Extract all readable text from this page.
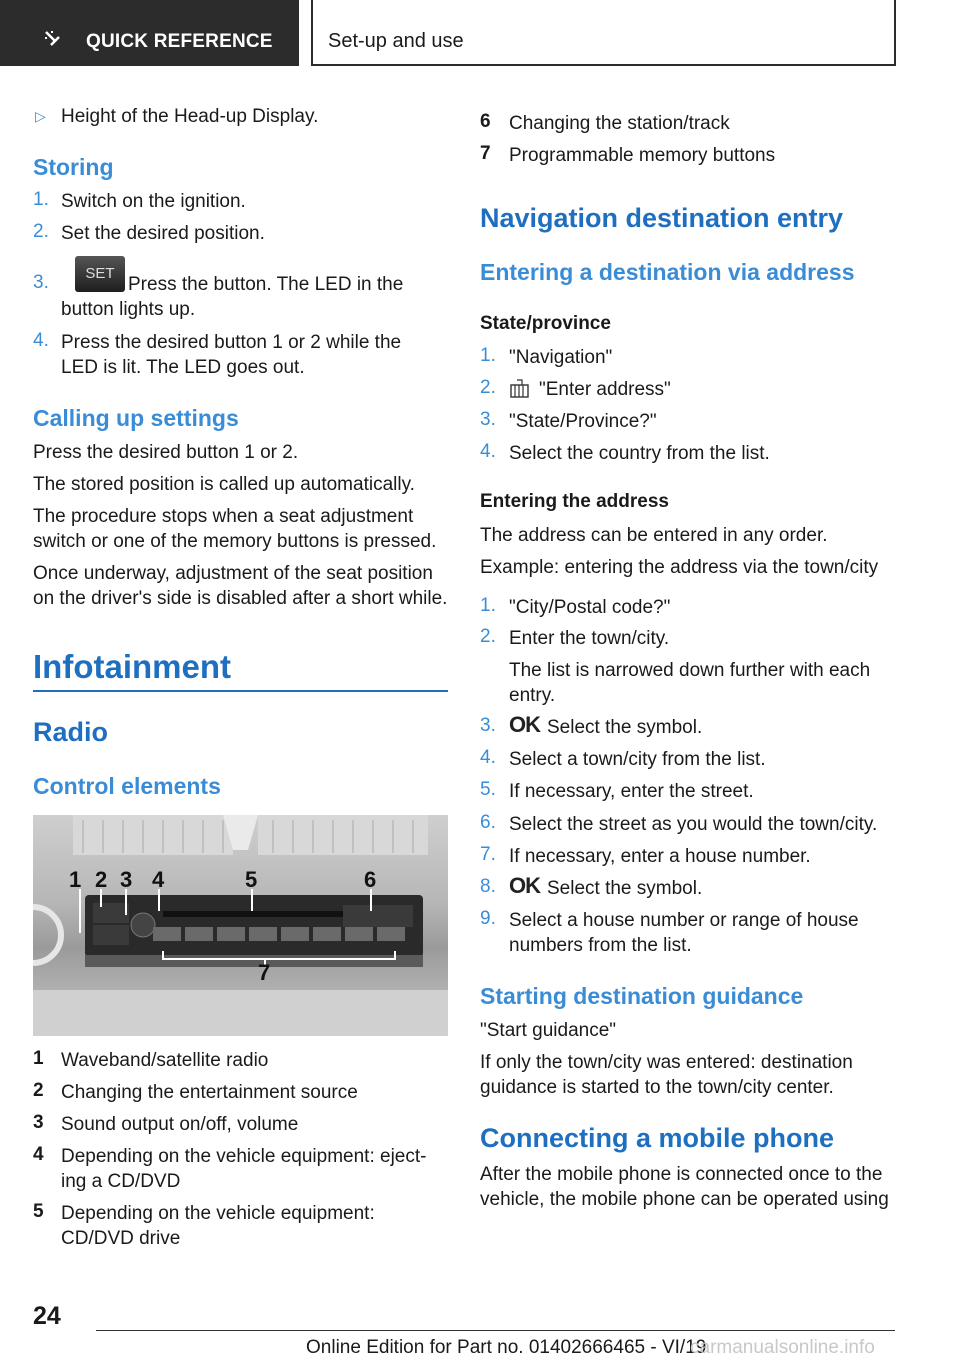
QUICK REFERENCE	Set-up and use
▷ Height of the Head-up Display.
Storing
1. Switch on the ignition.
2. Set the desired position.
3.	SET
Press the button. The LED in the
button lights up.
4. Press the desired button 1 or 2 while the
LED is lit. The LED goes out.
Calling up settings
Press the desired button 1 or 2.
The stored position is called up automatically.
The procedure stops when a seat adjustment
switch or one of the memory buttons is pressed.
Once underway, adjustment of the seat position
on the driver's side is disabled after a short while.
Infotainment
Radio
Control elements
1 2 3 4	5	6
7
1 Waveband/satellite radio
2 Changing the entertainment source
3 Sound output on/off, volume
4 Depending on the vehicle equipment: eject-
ing a CD/DVD
5 Depending on the vehicle equipment:
CD/DVD drive
6 Changing the station/track
7 Programmable memory buttons
Navigation destination entry
Entering a destination via address
State/province
1. "Navigation"
2.	"Enter address"
3. "State/Province?"
4. Select the country from the list.
Entering the address
The address can be entered in any order.
Example: entering the address via the town/city
1. "City/Postal code?"
2. Enter the town/city.
The list is narrowed down further with each
entry.
3. OK Select the symbol.
4. Select a town/city from the list.
5. If necessary, enter the street.
6. Select the street as you would the town/city.
7. If necessary, enter a house number.
8. OK Select the symbol.
9. Select a house number or range of house
numbers from the list.
Starting destination guidance
"Start guidance"
If only the town/city was entered: destination
guidance is started to the town/city center.
Connecting a mobile phone
After the mobile phone is connected once to the
vehicle, the mobile phone can be operated using
24
Online Edition for Part no. 01402666465 - VI/19
carmanualsonline.info
